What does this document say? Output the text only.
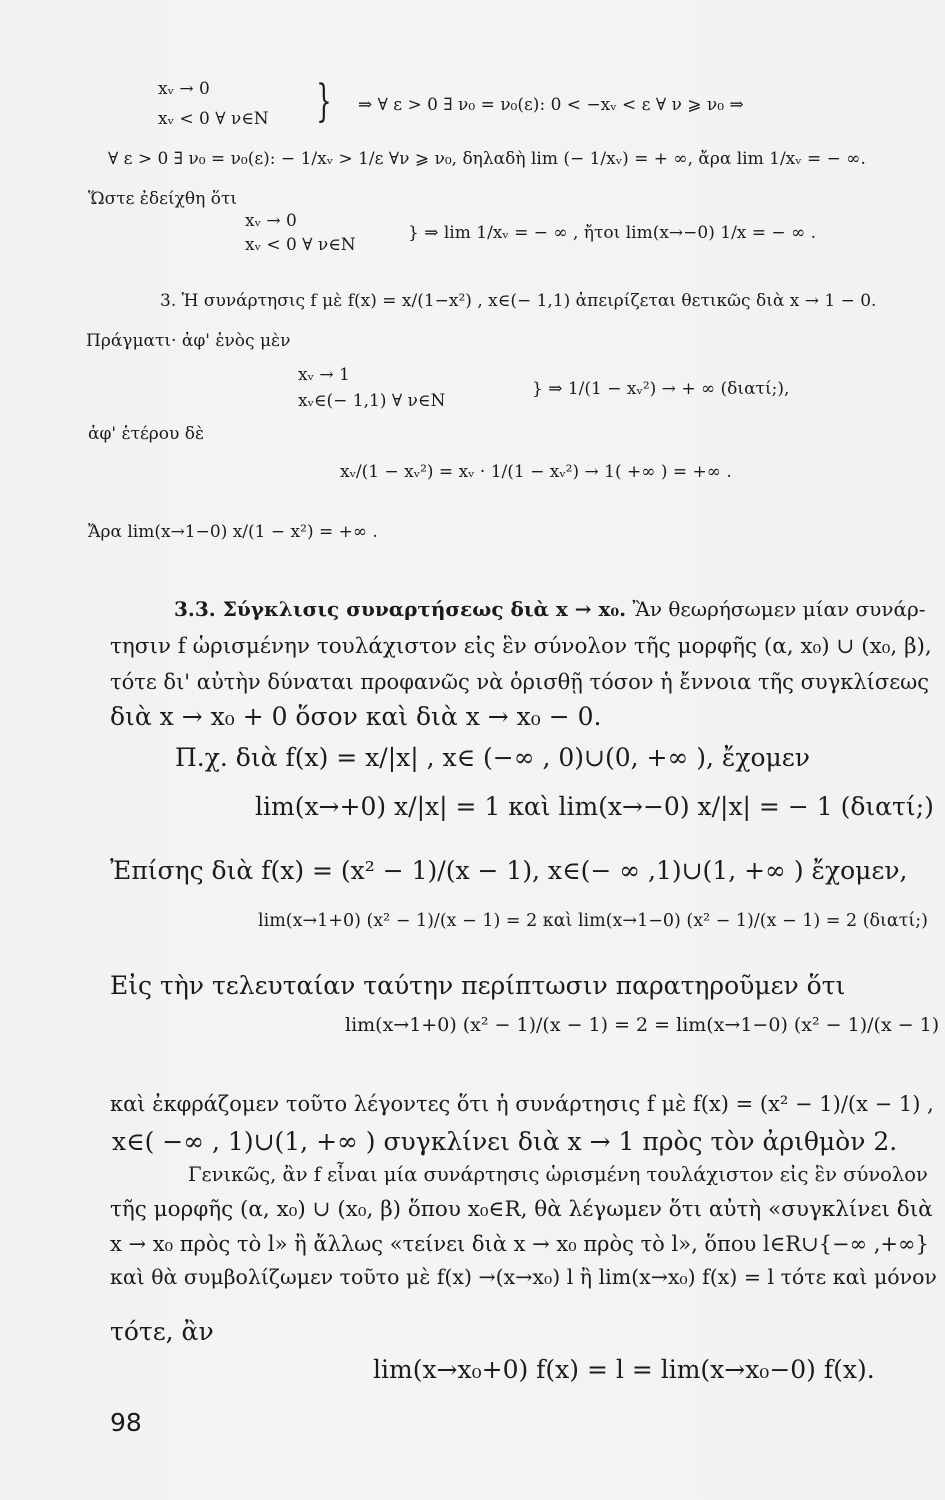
xᵥ → 0
xᵥ < 0 ∀ ν∈N } ⇒ ∀ ε > 0 ∃ ν₀ = ν₀(ε): 0 < −xᵥ < ε ∀ ν ⩾ ν₀ ⇒
∀ ε > 0 ∃ ν₀ = ν₀(ε): − 1/xᵥ > 1/ε ∀ν ⩾ ν₀, δηλαδὴ lim (− 1/xᵥ) = + ∞, ἄρα lim 1/xᵥ = − ∞.
Ὥστε ἐδείχθη ὅτι
xᵥ → 0
xᵥ < 0 ∀ ν∈N
} ⇒ lim 1/xᵥ = − ∞ , ἤτοι lim(x→−0) 1/x = − ∞ .
3. Ἡ συνάρτησις f μὲ f(x) = x/(1−x²) , x∈(− 1,1) ἀπειρίζεται θετικῶς διὰ x → 1 − 0.
Πράγματι· ἀφ' ἑνὸς μὲν
xᵥ → 1
xᵥ∈(− 1,1) ∀ ν∈N
} ⇒ 1/(1 − xᵥ²) → + ∞ (διατί;),
ἀφ' ἑτέρου δὲ
xᵥ/(1 − xᵥ²) = xᵥ · 1/(1 − xᵥ²) → 1( +∞ ) = +∞ .
Ἄρα lim(x→1−0) x/(1 − x²) = +∞ .
3.3. Σύγκλισις συναρτήσεως διὰ x → x₀. Ἂν θεωρήσωμεν μίαν συνάρ-
τησιν f ὡρισμένην τουλάχιστον εἰς ἓν σύνολον τῆς μορφῆς (α, x₀) ∪ (x₀, β),
τότε δι' αὐτὴν δύναται προφανῶς νὰ ὁρισθῇ τόσον ἡ ἔννοια τῆς συγκλίσεως
διὰ x → x₀ + 0 ὅσον καὶ διὰ x → x₀ − 0.
Π.χ. διὰ f(x) = x/|x| , x∈ (−∞ , 0)∪(0, +∞ ), ἔχομεν
lim(x→+0) x/|x| = 1 καὶ lim(x→−0) x/|x| = − 1 (διατί;)
Ἐπίσης διὰ f(x) = (x² − 1)/(x − 1), x∈(− ∞ ,1)∪(1, +∞ ) ἔχομεν,
lim(x→1+0) (x² − 1)/(x − 1) = 2 καὶ lim(x→1−0) (x² − 1)/(x − 1) = 2 (διατί;)
Εἰς τὴν τελευταίαν ταύτην περίπτωσιν παρατηροῦμεν ὅτι
lim(x→1+0) (x² − 1)/(x − 1) = 2 = lim(x→1−0) (x² − 1)/(x − 1)
καὶ ἐκφράζομεν τοῦτο λέγοντες ὅτι ἡ συνάρτησις f μὲ f(x) = (x² − 1)/(x − 1) ,
x∈( −∞ , 1)∪(1, +∞ ) συγκλίνει διὰ x → 1 πρὸς τὸν ἀριθμὸν 2.
Γενικῶς, ἂν f εἶναι μία συνάρτησις ὡρισμένη τουλάχιστον εἰς ἓν σύνολον
τῆς μορφῆς (α, x₀) ∪ (x₀, β) ὅπου x₀∈R, θὰ λέγωμεν ὅτι αὐτὴ «συγκλίνει διὰ
x → x₀ πρὸς τὸ l» ἢ ἄλλως «τείνει διὰ x → x₀ πρὸς τὸ l», ὅπου l∈R∪{−∞ ,+∞}
καὶ θὰ συμβολίζωμεν τοῦτο μὲ f(x) →(x→x₀) l ἢ lim(x→x₀) f(x) = l τότε καὶ μόνον
τότε, ἂν
lim(x→x₀+0) f(x) = l = lim(x→x₀−0) f(x).
98
